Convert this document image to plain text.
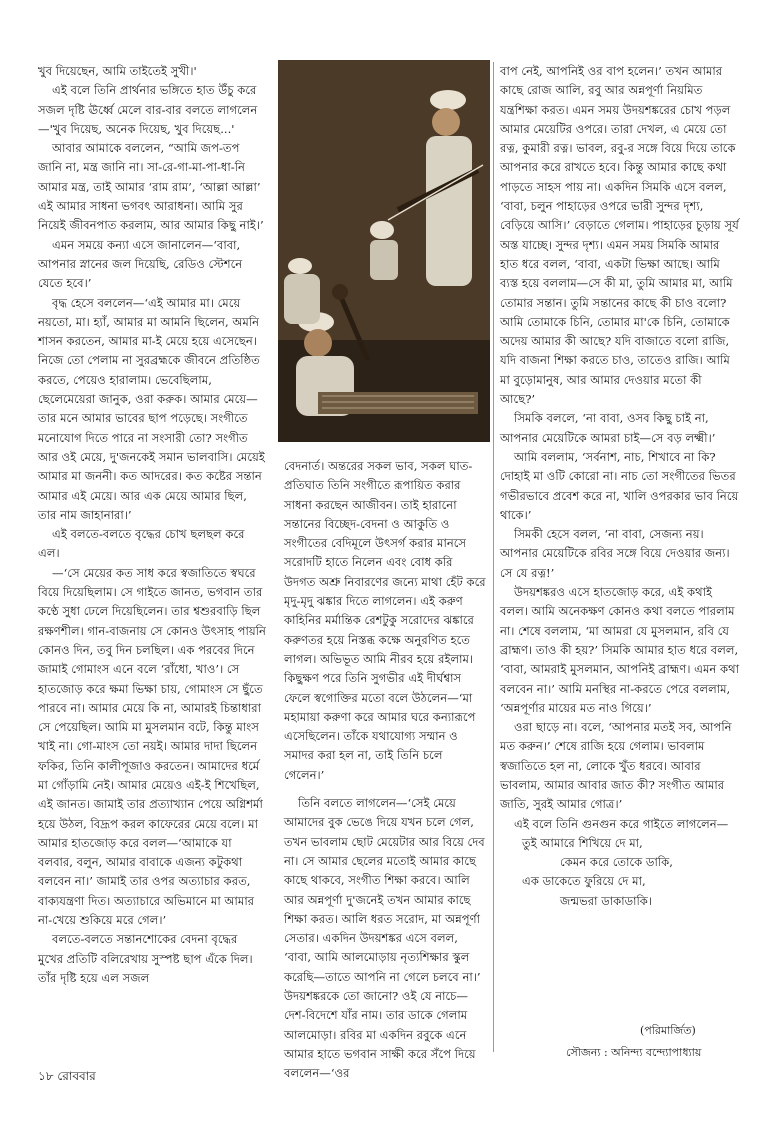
খুব দিয়েছেন, আমি তাইতেই সুখী।'

এই বলে তিনি প্রার্থনার ভঙ্গিতে হাত উঁচু করে সজল দৃষ্টি ঊর্ধ্বে মেলে বার-বার বলতে লাগলেন—'খুব দিয়েছ, অনেক দিয়েছ, খুব দিয়েছ...'

আবার আমাকে বললেন, “আমি জপ-তপ জানি না, মন্ত্র জানি না। সা-রে-গা-মা-পা-ধা-নি আমার মন্ত্র, তাই আমার ‘রাম রাম’, ‘আল্লা আল্লা’ এই আমার সাধনা ভগবৎ আরাধনা। আমি সুর নিয়েই জীবনপাত করলাম, আর আমার কিছু নাই।’

এমন সময়ে কন্যা এসে জানালেন—‘বাবা, আপনার স্নানের জল দিয়েছি, রেডিও স্টেশনে যেতে হবে।’

বৃদ্ধ হেসে বললেন—‘এই আমার মা। মেয়ে নয়তো, মা। হ্যাঁ, আমার মা আমনি ছিলেন, অমনি শাসন করতেন, আমার মা-ই মেয়ে হয়ে এসেছেন। নিজে তো পেলাম না সুরব্রহ্মকে জীবনে প্রতিষ্ঠিত করতে, পেয়েও হারালাম। ভেবেছিলাম, ছেলেমেয়েরা জানুক, ওরা করুক। আমার মেয়ে—তার মনে আমার ভাবের ছাপ পড়েছে। সংগীতে মনোযোগ দিতে পারে না সংসারী তো? সংগীত আর ওই মেয়ে, দু'জনকেই সমান ভালবাসি। মেয়েই আমার মা জননী। কত আদরের। কত কষ্টের সন্তান আমার এই মেয়ে। আর এক মেয়ে আমার ছিল, তার নাম জাহানারা।’

এই বলতে-বলতে বৃদ্ধের চোখ ছলছল করে এল।

—‘সে মেয়ের কত সাধ করে স্বজাতিতে স্বঘরে বিয়ে দিয়েছিলাম। সে গাইতে জানত, ভগবান তার কণ্ঠে সুধা ঢেলে দিয়েছিলেন। তার শ্বশুরবাড়ি ছিল রক্ষণশীল। গান-বাজনায় সে কোনও উৎসাহ পায়নি কোনও দিন, তবু দিন চলছিল। এক পরবের দিনে জামাই গোমাংস এনে বলে ‘রাঁধো, খাও’। সে হাতজোড় করে ক্ষমা ভিক্ষা চায়, গোমাংস সে ছুঁতে পারবে না। আমার মেয়ে কি না, আমারই চিন্তাধারা সে পেয়েছিল। আমি মা মুসলমান বটে, কিন্তু মাংস খাই না। গো-মাংস তো নয়ই। আমার দাদা ছিলেন ফকির, তিনি কালীপূজাও করতেন। আমাদের ধর্মে মা গোঁড়ামি নেই। আমার মেয়েও এই-ই শিখেছিল, এই জানত। জামাই তার প্রত্যাখ্যান পেয়ে অগ্নিশর্মা হয়ে উঠল, বিদ্রূপ করল কাফেরের মেয়ে বলে। মা আমার হাতজোড় করে বলল—‘আমাকে যা বলবার, বলুন, আমার বাবাকে এজন্য কটুকথা বলবেন না।’ জামাই তার ওপর অত্যাচার করত, বাক্যযন্ত্রণা দিত। অত্যাচারে অভিমানে মা আমার না-খেয়ে শুকিয়ে মরে গেল।’

বলতে-বলতে সন্তানশোকের বেদনা বৃদ্ধের মুখের প্রতিটি বলিরেখায় সুস্পষ্ট ছাপ এঁকে দিল। তাঁর দৃষ্টি হয়ে এল সজল

বেদনার্ত। অন্তরের সকল ভাব, সকল ঘাত-প্রতিঘাত তিনি সংগীতে রূপায়িত করার সাধনা করছেন আজীবন। তাই হারানো সন্তানের বিচ্ছেদ-বেদনা ও আকুতি ও সংগীতের বেদিমূলে উৎসর্গ করার মানসে সরোদটি হাতে নিলেন এবং বোধ করি উদগত অশ্রু নিবারণের জন্যে মাথা হেঁট করে মৃদু-মৃদু ঝঙ্কার দিতে লাগলেন। এই করুণ কাহিনির মর্মান্তিক রেশটুকু সরোদের ঝঙ্কারে করুণতর হয়ে নিস্তব্ধ কক্ষে অনুরণিত হতে লাগল। অভিভূত আমি নীরব হয়ে রইলাম। কিছুক্ষণ পরে তিনি সুগভীর এই দীর্ঘশ্বাস ফেলে স্বগোক্তির মতো বলে উঠলেন—‘মা মহামায়া করুণা করে আমার ঘরে কন্যারূপে এসেছিলেন। তাঁকে যথাযোগ্য সম্মান ও সমাদর করা হল না, তাই তিনি চলে গেলেন।’

তিনি বলতে লাগলেন—‘সেই মেয়ে আমাদের বুক ভেঙে দিয়ে যখন চলে গেল, তখন ভাবলাম ছোট মেয়েটার আর বিয়ে দেব না। সে আমার ছেলের মতোই আমার কাছে কাছে থাকবে, সংগীত শিক্ষা করবে। আলি আর অন্নপূর্ণা দু'জনেই তখন আমার কাছে শিক্ষা করত। আলি ধরত সরোদ, মা অন্নপূর্ণা সেতার। একদিন উদয়শঙ্কর এসে বলল, ‘বাবা, আমি আলমোড়ায় নৃত্যশিক্ষার স্কুল করেছি—তাতে আপনি না গেলে চলবে না।’ উদয়শঙ্করকে তো জানো? ওই যে নাচে—দেশ-বিদেশে যাঁর নাম। তার ডাকে গেলাম আলমোড়া। রবির মা একদিন রবুকে এনে আমার হাতে ভগবান সাক্ষী করে সঁপে দিয়ে বললেন—‘ওর

বাপ নেই, আপনিই ওর বাপ হলেন।’ তখন আমার কাছে রোজ আলি, রবু আর অন্নপূর্ণা নিয়মিত যন্ত্রশিক্ষা করত। এমন সময় উদয়শঙ্করের চোখ পড়ল আমার মেয়েটির ওপরে। তারা দেখল, এ মেয়ে তো রত্ন, কুমারী রত্ন। ভাবল, রবু-র সঙ্গে বিয়ে দিয়ে তাকে আপনার করে রাখতে হবে। কিন্তু আমার কাছে কথা পাড়তে সাহস পায় না। একদিন সিমকি এসে বলল, ‘বাবা, চলুন পাহাড়ের ওপরে ভারী সুন্দর দৃশ্য, বেড়িয়ে আসি।’ বেড়াতে গেলাম। পাহাড়ের চূড়ায় সূর্য অস্ত যাচ্ছে। সুন্দর দৃশ্য। এমন সময় সিমকি আমার হাত ধরে বলল, ‘বাবা, একটা ভিক্ষা আছে। আমি ব্যস্ত হয়ে বললাম—সে কী মা, তুমি আমার মা, আমি তোমার সন্তান। তুমি সন্তানের কাছে কী চাও বলো? আমি তোমাকে চিনি, তোমার মা'কে চিনি, তোমাকে অদেয় আমার কী আছে? যদি বাজাতে বলো রাজি, যদি বাজনা শিক্ষা করতে চাও, তাতেও রাজি। আমি মা বুড়োমানুষ, আর আমার দেওয়ার মতো কী আছে?’

সিমকি বললে, ‘না বাবা, ওসব কিছু চাই না, আপনার মেয়েটিকে আমরা চাই—সে বড় লক্ষ্মী।’

আমি বললাম, ‘সর্বনাশ, নাচ, শিখাবে না কি? দোহাই মা ওটি কোরো না। নাচ তো সংগীতের ভিতর গভীরভাবে প্রবেশ করে না, খালি ওপরকার ভাব নিয়ে থাকে।’

সিমকী হেসে বলল, ‘না বাবা, সেজন্য নয়। আপনার মেয়েটিকে রবির সঙ্গে বিয়ে দেওয়ার জন্য। সে যে রত্ন!’

উদয়শঙ্করও এসে হাতজোড় করে, এই কথাই বলল। আমি অনেকক্ষণ কোনও কথা বলতে পারলাম না। শেষে বললাম, ‘মা আমরা যে মুসলমান, রবি যে ব্রাহ্মণ। তাও কী হয়?’ সিমকি আমার হাত ধরে বলল, ‘বাবা, আমরাই মুসলমান, আপনিই ব্রাহ্মণ। এমন কথা বলবেন না।’ আমি মনস্থির না-করতে পেরে বললাম, ‘অন্নপূর্ণার মায়ের মত নাও গিয়ে।’

ওরা ছাড়ে না। বলে, ‘আপনার মতই সব, আপনি মত করুন।’ শেষে রাজি হয়ে গেলাম। ভাবলাম স্বজাতিতে হল না, লোকে খুঁত ধরবে। আবার ভাবলাম, আমার আবার জাত কী? সংগীত আমার জাতি, সুরই আমার গোত্র।’

এই বলে তিনি গুনগুন করে গাইতে লাগলেন—

তুই আমারে শিখিয়ে দে মা,

কেমন করে তোকে ডাকি,

এক ডাকেতে ফুরিয়ে দে মা,

জন্মভরা ডাকাডাকি।

(পরিমার্জিত)
সৌজন্য : অনিন্দ্য বন্দ্যোপাধ্যায়
১৮ রোববার
